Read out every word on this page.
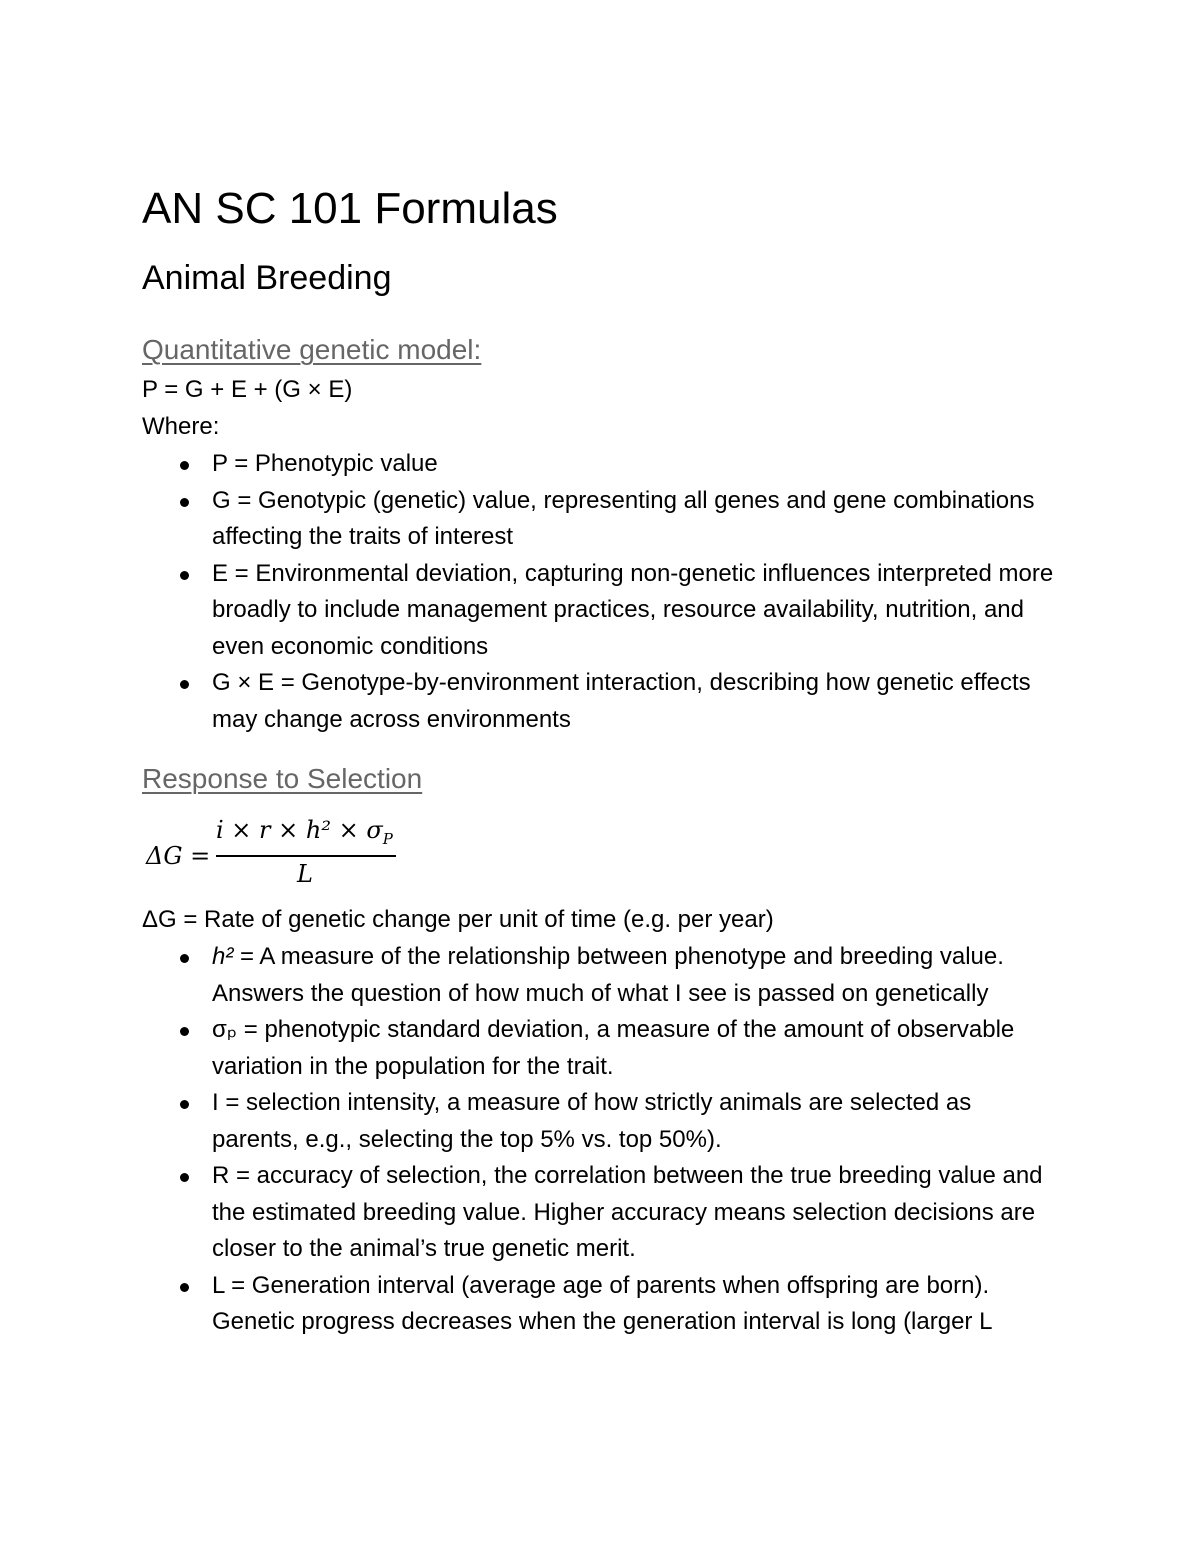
AN SC 101 Formulas
Animal Breeding
Quantitative genetic model:
P = G + E + (G × E)
Where:
P = Phenotypic value
G = Genotypic (genetic) value, representing all genes and gene combinations affecting the traits of interest
E = Environmental deviation, capturing non-genetic influences interpreted more broadly to include management practices, resource availability, nutrition, and even economic conditions
G × E = Genotype-by-environment interaction, describing how genetic effects may change across environments
Response to Selection
ΔG =
$i \times r \times h^2 \times \sigma_P$
L
ΔG = Rate of genetic change per unit of time (e.g. per year)
h² = A measure of the relationship between phenotype and breeding value. Answers the question of how much of what I see is passed on genetically
σₚ = phenotypic standard deviation, a measure of the amount of observable variation in the population for the trait.
I = selection intensity, a measure of how strictly animals are selected as parents, e.g., selecting the top 5% vs. top 50%).
R = accuracy of selection, the correlation between the true breeding value and the estimated breeding value. Higher accuracy means selection decisions are closer to the animal’s true genetic merit.
L = Generation interval (average age of parents when offspring are born). Genetic progress decreases when the generation interval is long (larger L
